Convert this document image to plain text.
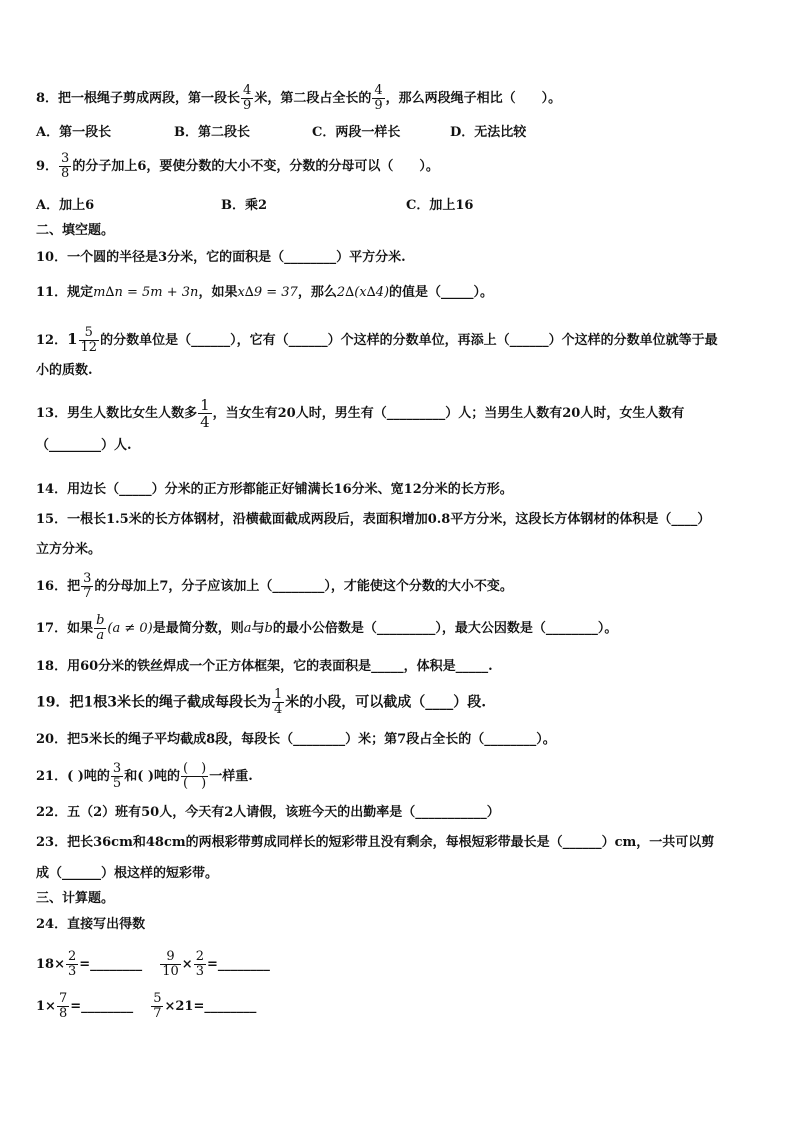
8．把一根绳子剪成两段，第一段长 $\frac{4}{9}$ 米，第二段占全长的 $\frac{4}{9}$ ，那么两段绳子相比（　　）。
A．第一段长	B．第二段长	C．两段一样长	D．无法比较
9． $\frac{3}{8}$ 的分子加上6，要使分数的大小不变，分数的分母可以（　　）。
A．加上6	B．乘2	C．加上16
二、填空题。
10．一个圆的半径是3分米，它的面积是（________）平方分米.
11．规定m∆n = 5m + 3n，如果x∆9 = 37，那么2∆(x∆4)的值是（_____）。
12．$1 \frac{5}{12}$ 的分数单位是（______），它有（______）个这样的分数单位，再添上（______）个这样的分数单位就等于最
小的质数.
13．男生人数比女生人数多 $\frac{1}{4}$ ，当女生有20人时，男生有（_________）人；当男生人数有20人时，女生人数有
（________）人.
14．用边长（_____）分米的正方形都能正好铺满长16分米、宽12分米的长方形。
15．一根长1.5米的长方体钢材，沿横截面截成两段后，表面积增加0.8平方分米，这段长方体钢材的体积是（____）
立方分米。
16．把 $\frac{3}{7}$ 的分母加上7，分子应该加上（________），才能使这个分数的大小不变。
17．如果 $\frac{b}{a} (a \ne 0)$是最简分数，则a与b的最小公倍数是（_________），最大公因数是（________）。
18．用60分米的铁丝焊成一个正方体框架，它的表面积是_____，体积是_____.
19．把1根3米长的绳子截成每段长为 $\frac{1}{4}$ 米的小段，可以截成（____）段.
20．把5米长的绳子平均截成8段，每段长（________）米；第7段占全长的（________）。
21．( )吨的 $\frac{3}{5}$ 和( )吨的 $\frac{( )}{( )}$ 一样重.
22．五（2）班有50人，今天有2人请假，该班今天的出勤率是（___________）
23．把长36cm和48cm的两根彩带剪成同样长的短彩带且没有剩余，每根短彩带最长是（______）cm，一共可以剪
成（______）根这样的短彩带。
三、计算题。
24．直接写出得数
$18\times \frac{2}{3}$ =________ $\frac{9}{10} \times \frac{2}{3}$ =________
$1\times \frac{7}{8}$ =________ $\frac{5}{7}$ ×21=________
